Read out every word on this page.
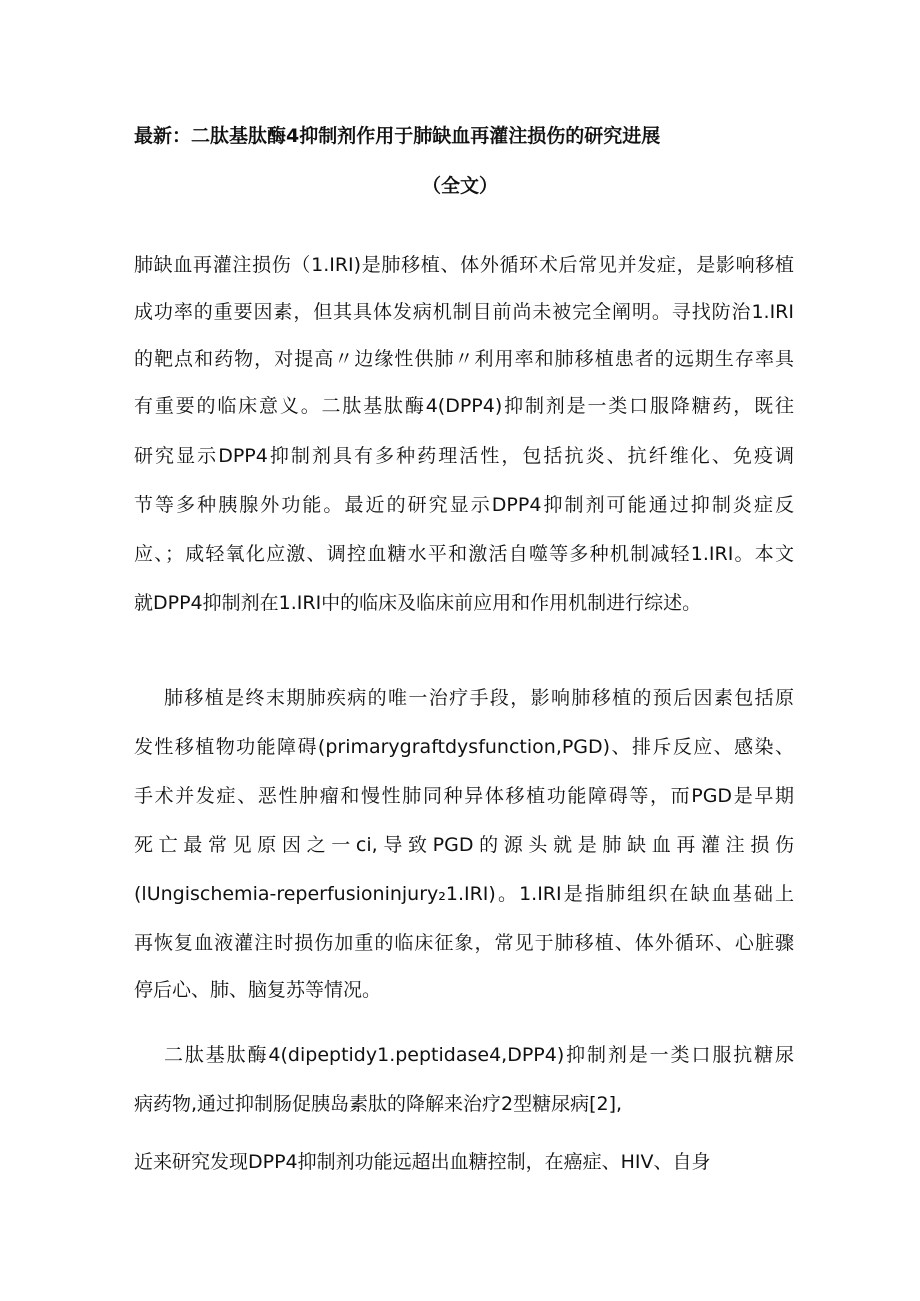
最新：二肽基肽酶4抑制剂作用于肺缺血再灌注损伤的研究进展
（全文）
肺缺血再灌注损伤（1.IRI)是肺移植、体外循环术后常见并发症，是影响移植
成功率的重要因素，但其具体发病机制目前尚未被完全阐明。寻找防治1.IRI
的靶点和药物，对提高〃边缘性供肺〃利用率和肺移植患者的远期生存率具
有重要的临床意义。二肽基肽酶4(DPP4)抑制剂是一类口服降糖药，既往
研究显示DPP4抑制剂具有多种药理活性，包括抗炎、抗纤维化、免疫调
节等多种胰腺外功能。最近的研究显示DPP4抑制剂可能通过抑制炎症反
应、；咸轻氧化应激、调控血糖水平和激活自噬等多种机制减轻1.IRI。本文
就DPP4抑制剂在1.IRI中的临床及临床前应用和作用机制进行综述。
肺移植是终末期肺疾病的唯一治疗手段，影响肺移植的预后因素包括原
发性移植物功能障碍(primarygraftdysfunction,PGD)、排斥反应、感染、
手术并发症、恶性肿瘤和慢性肺同种异体移植功能障碍等，而PGD是早期
死亡最常见原因之一ci,导致PGD的源头就是肺缺血再灌注损伤
(lUngischemia-reperfusioninjury₂1.IRI)。1.IRI是指肺组织在缺血基础上
再恢复血液灌注时损伤加重的临床征象，常见于肺移植、体外循环、心脏骤
停后心、肺、脑复苏等情况。
二肽基肽酶4(dipeptidy1.peptidase4,DPP4)抑制剂是一类口服抗糖尿
病药物,通过抑制肠促胰岛素肽的降解来治疗2型糖尿病[2],
近来研究发现DPP4抑制剂功能远超出血糖控制，在癌症、HIV、自身
